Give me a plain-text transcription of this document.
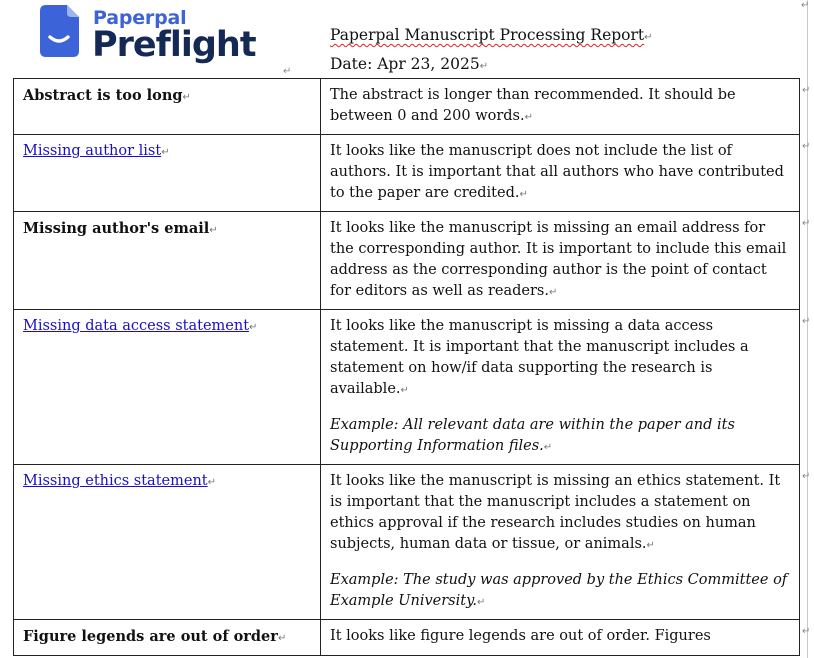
Paperpal
Preflight	Paperpal Manuscript Processing Report↵
Date: Apr 23, 2025↵
↵
↵
Abstract is too long↵	The abstract is longer than recommended. It should be between 0 and 200 words.↵

Missing author list↵	It looks like the manuscript does not include the list of authors. It is important that all authors who have contributed to the paper are credited.↵

Missing author's email↵	It looks like the manuscript is missing an email address for the corresponding author. It is important to include this email address as the corresponding author is the point of contact for editors as well as readers.↵

Missing data access statement↵	It looks like the manuscript is missing a data access statement. It is important that the manuscript includes a statement on how/if data supporting the research is available.↵
Example: All relevant data are within the paper and its Supporting Information files.↵

Missing ethics statement↵	It looks like the manuscript is missing an ethics statement. It is important that the manuscript includes a statement on ethics approval if the research includes studies on human subjects, human data or tissue, or animals.↵
Example: The study was approved by the Ethics Committee of Example University.↵

Figure legends are out of order↵	It looks like figure legends are out of order. Figures
↵
↵
↵
↵
↵
↵
